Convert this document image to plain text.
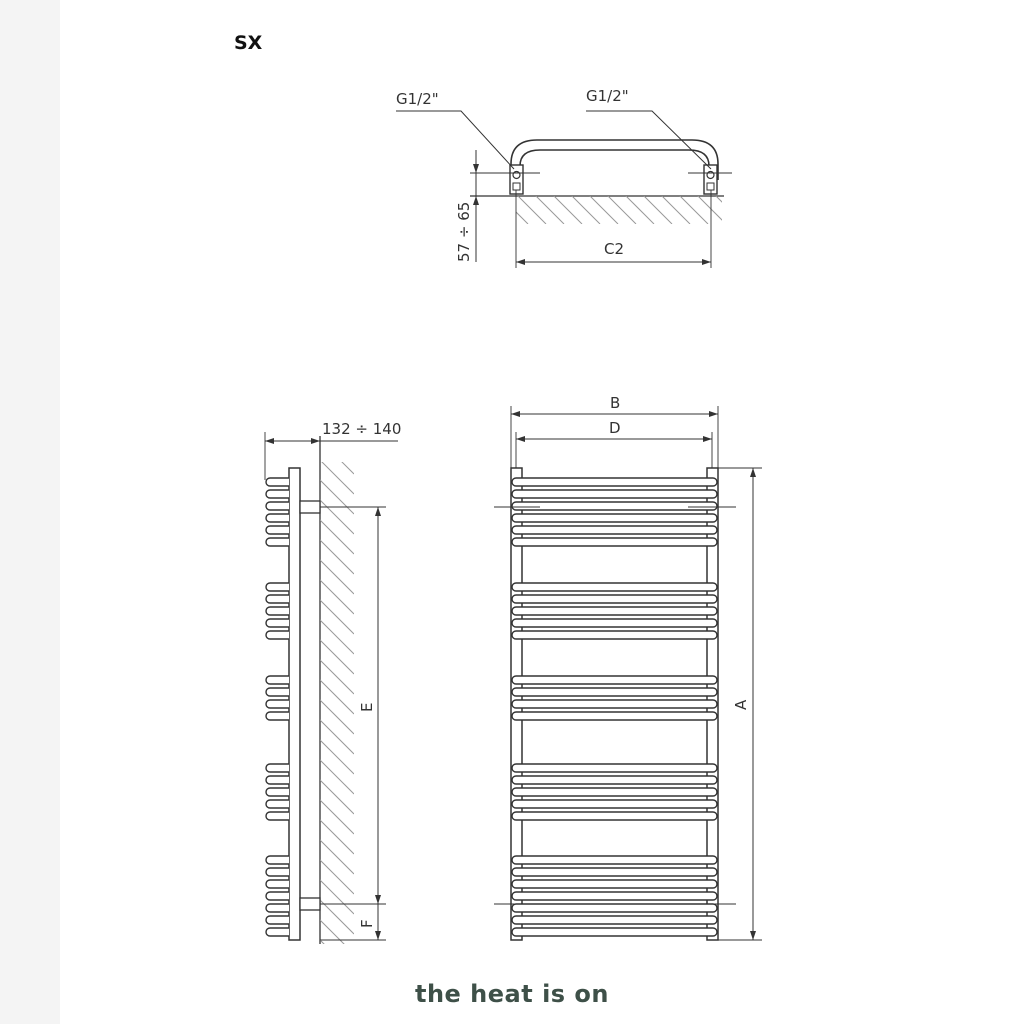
SX
G1/2"	G1/2"
57 ÷ 65	C2
132 ÷ 140
E
F
B
D
A
the heat is on
